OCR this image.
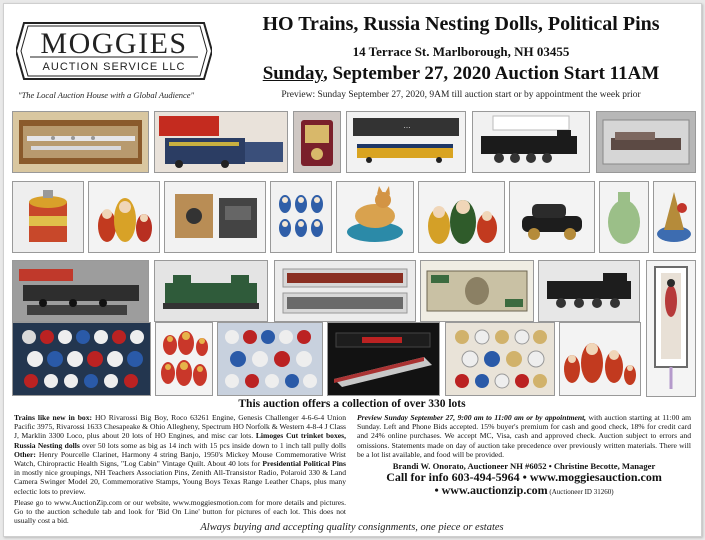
MOGGIES
AUCTION SERVICE LLC
"The Local Auction House with a Global Audience"
HO Trains, Russia Nesting Dolls, Political Pins
14 Terrace St. Marlborough, NH 03455
Sunday, September 27, 2020 Auction Start 11AM
Preview: Sunday September 27, 2020, 9AM till auction start or by appointment the week prior
⋯
This auction offers a collection of over 330 lots

Trains like new in box: HO Rivarossi Big Boy, Roco 63261 Engine, Genesis Challenger 4-6-6-4 Union Pacific 3975, Rivarossi 1633 Chesapeake & Ohio Allegheny, Spectrum HO Norfolk & Western 4-8-4 J Class J, Marklin 3300 Loco, plus about 20 lots of HO Engines, and misc car lots. Limoges Cut trinket boxes, Russia Nesting dolls over 50 lots some as big as 14 inch with 15 pcs inside down to 1 inch tall pully dolls Other: Henry Pourcelle Clarinet, Harmony 4 string Banjo, 1950's Mickey Mouse Commemorative Wrist Watch, Chiropractic Health Signs, "Log Cabin" Vintage Quilt. About 40 lots for Presidential Political Pins in mostly nice groupings, NH Teachers Association Pins, Zenith All-Transistor Radio, Polaroid 330 & Land Camera Swinger Model 20, Commemorative Stamps, Young Boys Texas Range Leather Chaps, plus many eclectic lots to preview.

Please go to www.AuctionZip.com or our website, www.moggiesmotion.com for more details and pictures. Go to the auction schedule tab and look for 'Bid On Line' button for pictures of each lot. This does not usually cost a bid.

Preview Sunday September 27, 9:00 am to 11:00 am or by appointment, with auction starting at 11:00 am Sunday. Left and Phone Bids accepted. 15% buyer's premium for cash and good check, 18% for credit card and 24% online purchases. We accept MC, Visa, cash and approved check. Auction subject to errors and omissions. Statements made on day of auction take precedence over previously written materials. There will be a lot list available, and food will be provided.

Brandi W. Onorato, Auctioneer NH #6052 • Christine Becotte, Manager
Call for info 603-494-5964 • www.moggiesauction.com
• www.auctionzip.com (Auctioneer ID 31260)
Always buying and accepting quality consignments, one piece or estates
